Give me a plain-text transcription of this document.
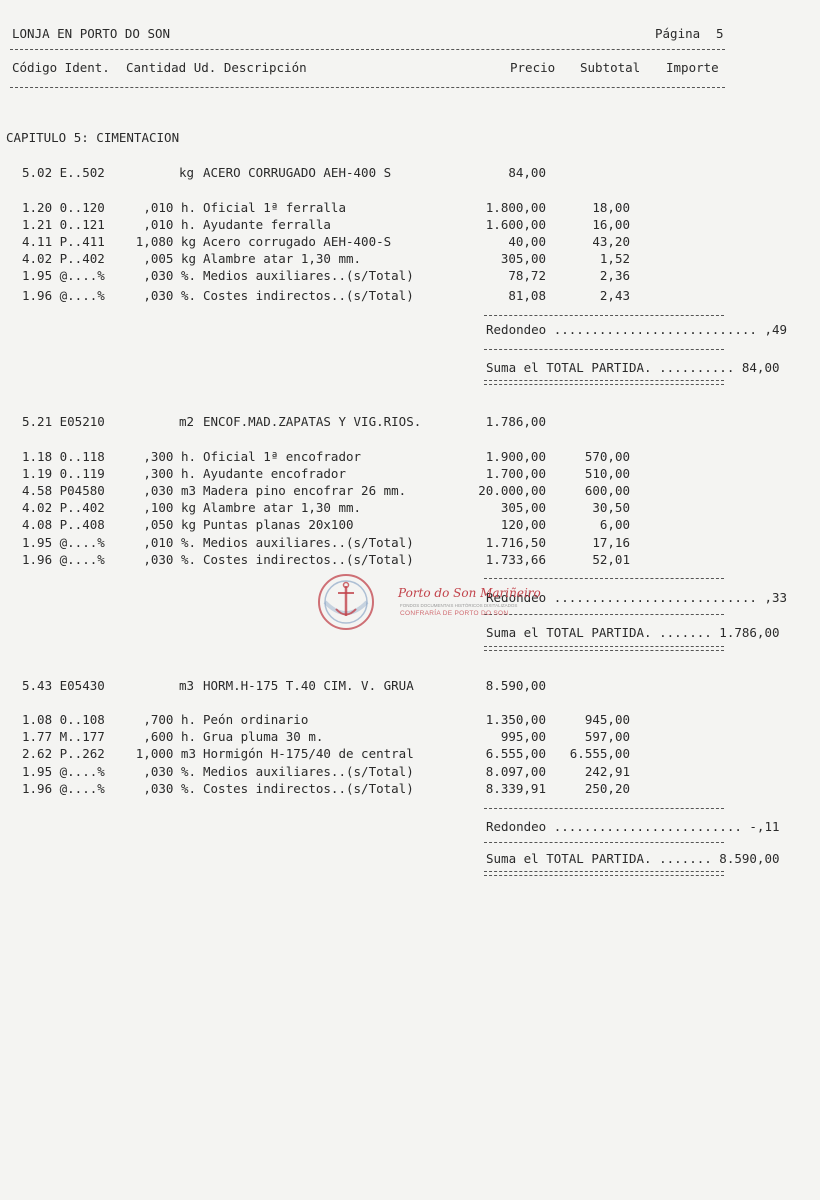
LONJA EN PORTO DO SON	Página 5
Código Ident. Cantidad Ud. Descripción	Precio Subtotal Importe
CAPITULO 5: CIMENTACION
5.02 E..502	kg ACERO CORRUGADO AEH-400 S	84,00
1.20 0..120	,010 h. Oficial 1ª ferralla	1.800,00	18,00
1.21 0..121	,010 h. Ayudante ferralla	1.600,00	16,00
4.11 P..411	1,080 kg Acero corrugado AEH-400-S	40,00	43,20
4.02 P..402	,005 kg Alambre atar 1,30 mm.	305,00	1,52
1.95 @....%	,030 %. Medios auxiliares..(s/Total)	78,72	2,36
1.96 @....%	,030 %. Costes indirectos..(s/Total)	81,08	2,43
Redondeo ........................... ,49
Suma el TOTAL PARTIDA. .......... 84,00
5.21 E05210	m2 ENCOF.MAD.ZAPATAS Y VIG.RIOS.	1.786,00
1.18 0..118	,300 h. Oficial 1ª encofrador	1.900,00	570,00
1.19 0..119	,300 h. Ayudante encofrador	1.700,00	510,00
4.58 P04580	,030 m3 Madera pino encofrar 26 mm.	20.000,00	600,00
4.02 P..402	,100 kg Alambre atar 1,30 mm.	305,00	30,50
4.08 P..408	,050 kg Puntas planas 20x100	120,00	6,00
1.95 @....%	,010 %. Medios auxiliares..(s/Total)	1.716,50	17,16
1.96 @....%	,030 %. Costes indirectos..(s/Total)	1.733,66	52,01
Redondeo ........................... ,33
Suma el TOTAL PARTIDA. ....... 1.786,00
5.43 E05430	m3 HORM.H-175 T.40 CIM. V. GRUA	8.590,00
1.08 0..108	,700 h. Peón ordinario	1.350,00	945,00
1.77 M..177	,600 h. Grua pluma 30 m.	995,00	597,00
2.62 P..262	1,000 m3 Hormigón H-175/40 de central	6.555,00	6.555,00
1.95 @....%	,030 %. Medios auxiliares..(s/Total)	8.097,00	242,91
1.96 @....%	,030 %. Costes indirectos..(s/Total)	8.339,91	250,20
Redondeo ......................... -,11
Suma el TOTAL PARTIDA. ....... 8.590,00
Porto do Son Mariñeiro
FONDOS DOCUMENTAIS HISTÓRICOS DIXITALIZADOS
CONFRARÍA DE PORTO DO SON
